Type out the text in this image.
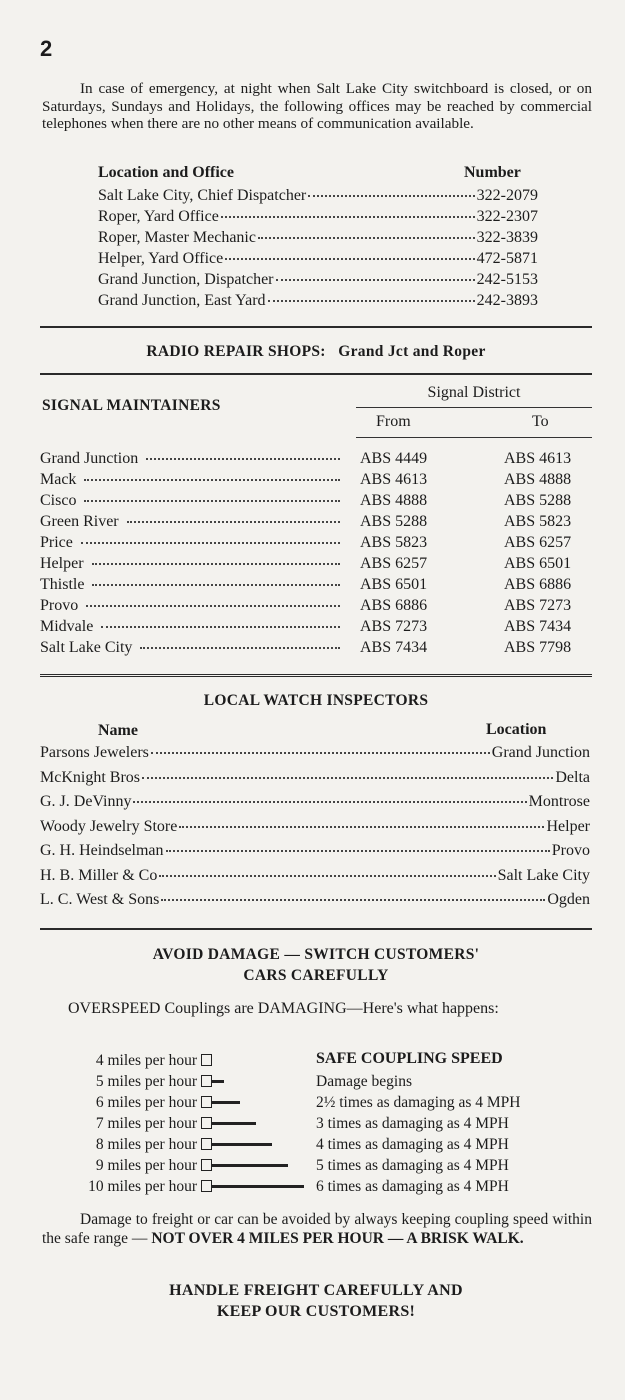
2

In case of emergency, at night when Salt Lake City switchboard is closed, or on Saturdays, Sundays and Holidays, the following offices may be reached by commercial telephones when there are no other means of communication available.

Location and Office	Number
Salt Lake City, Chief Dispatcher	322-2079
Roper, Yard Office	322-2307
Roper, Master Mechanic	322-3839
Helper, Yard Office	472-5871
Grand Junction, Dispatcher	242-5153
Grand Junction, East Yard	242-3893
RADIO REPAIR SHOPS: Grand Jct and Roper
SIGNAL MAINTAINERS
Signal District
From	To
Grand Junction	ABS 4449	ABS 4613
Mack	ABS 4613	ABS 4888
Cisco	ABS 4888	ABS 5288
Green River	ABS 5288	ABS 5823
Price	ABS 5823	ABS 6257
Helper	ABS 6257	ABS 6501
Thistle	ABS 6501	ABS 6886
Provo	ABS 6886	ABS 7273
Midvale	ABS 7273	ABS 7434
Salt Lake City	ABS 7434	ABS 7798
LOCAL WATCH INSPECTORS
Name	Location
Parsons Jewelers	Grand Junction
McKnight Bros	Delta
G. J. DeVinny	Montrose
Woody Jewelry Store	Helper
G. H. Heindselman	Provo
H. B. Miller & Co	Salt Lake City
L. C. West & Sons	Ogden
AVOID DAMAGE — SWITCH CUSTOMERS'
CARS CAREFULLY

OVERSPEED Couplings are DAMAGING—Here's what happens:

SAFE COUPLING SPEED
4 miles per hour
5 miles per hour	Damage begins
6 miles per hour	2½ times as damaging as 4 MPH
7 miles per hour	3 times as damaging as 4 MPH
8 miles per hour	4 times as damaging as 4 MPH
9 miles per hour	5 times as damaging as 4 MPH
10 miles per hour	6 times as damaging as 4 MPH

Damage to freight or car can be avoided by always keeping coupling speed within the safe range — NOT OVER 4 MILES PER HOUR — A BRISK WALK.

HANDLE FREIGHT CAREFULLY AND
KEEP OUR CUSTOMERS!
